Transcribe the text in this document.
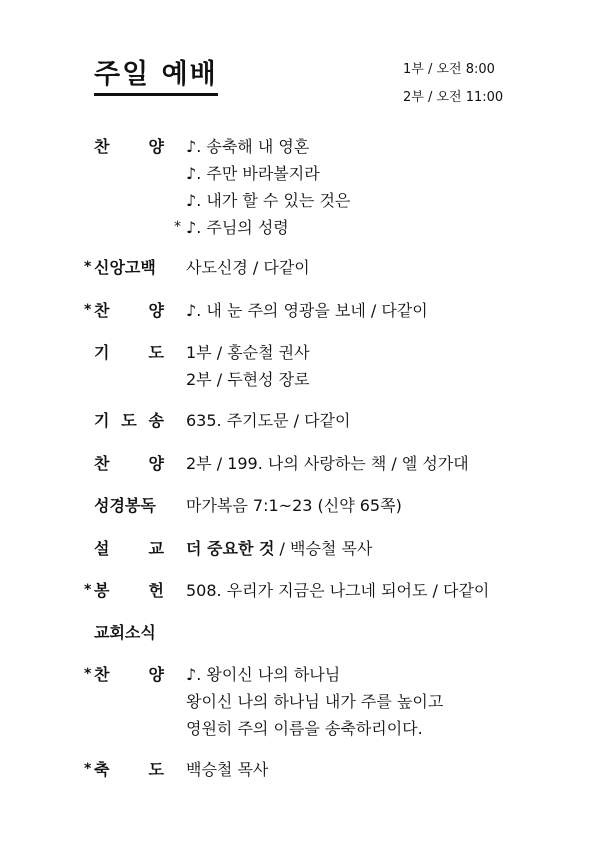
주일 예배	1부 / 오전 8:00
2부 / 오전 11:00
찬 양 ♪. 송축해 내 영혼
♪. 주만 바라볼지라
♪. 내가 할 수 있는 것은
* ♪. 주님의 성령
* 신앙고백 사도신경 / 다같이
* 찬 양 ♪. 내 눈 주의 영광을 보네 / 다같이
기 도 1부 / 홍순철 권사
2부 / 두현성 장로
기 도 송 635. 주기도문 / 다같이
찬 양 2부 / 199. 나의 사랑하는 책 / 엘 성가대
성경봉독 마가복음 7:1~23 (신약 65쪽)
설 교 더 중요한 것 / 백승철 목사
* 봉 헌 508. 우리가 지금은 나그네 되어도 / 다같이
교회소식
* 찬 양 ♪. 왕이신 나의 하나님
왕이신 나의 하나님 내가 주를 높이고
영원히 주의 이름을 송축하리이다.
* 축 도 백승철 목사
